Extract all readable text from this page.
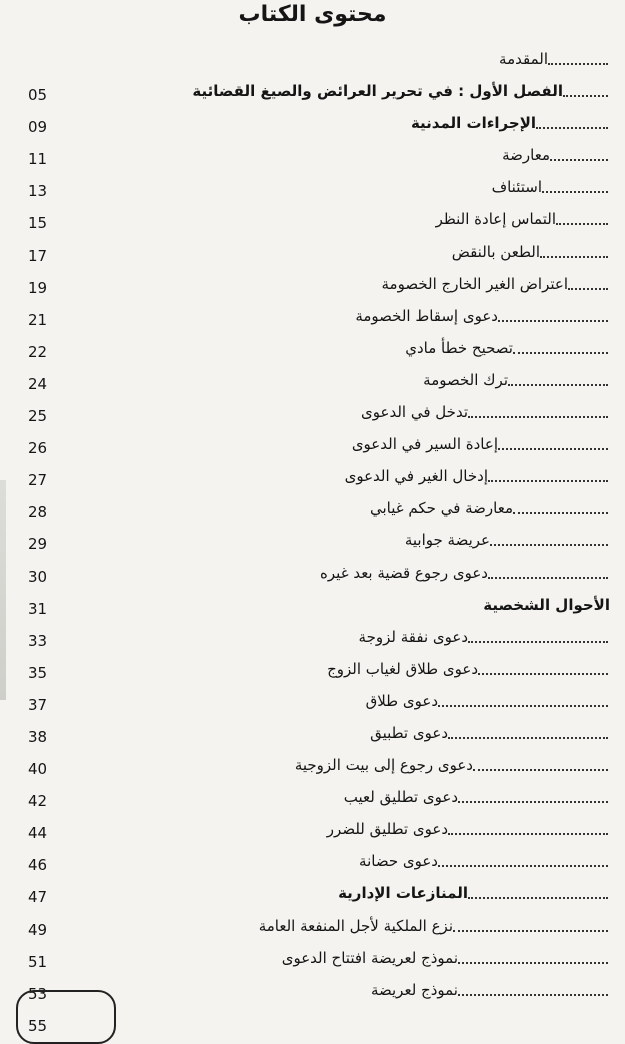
محتوى الكتاب
المقدمة
05	الفصل الأول : في تحرير العرائض والصيغ القضائية
09	الإجراءات المدنية
11	معارضة
13	استئناف
15	التماس إعادة النظر
17	الطعن بالنقض
19	اعتراض الغير الخارج الخصومة
21	دعوى إسقاط الخصومة
22	تصحيح خطأ مادي
24	ترك الخصومة
25	تدخل في الدعوى
26	إعادة السير في الدعوى
27	إدخال الغير في الدعوى
28	معارضة في حكم غيابي
29	عريضة جوابية
30	دعوى رجوع قضية بعد غيره
31	الأحوال الشخصية
33	دعوى نفقة لزوجة
35	دعوى طلاق لغياب الزوج
37	دعوى طلاق
38	دعوى تطبيق
40	دعوى رجوع إلى بيت الزوجية
42	دعوى تطليق لعيب
44	دعوى تطليق للضرر
46	دعوى حضانة
47	المنازعات الإدارية
49	نزع الملكية لأجل المنفعة العامة
51	نموذج لعريضة افتتاح الدعوى
53	نموذج لعريضة
55
